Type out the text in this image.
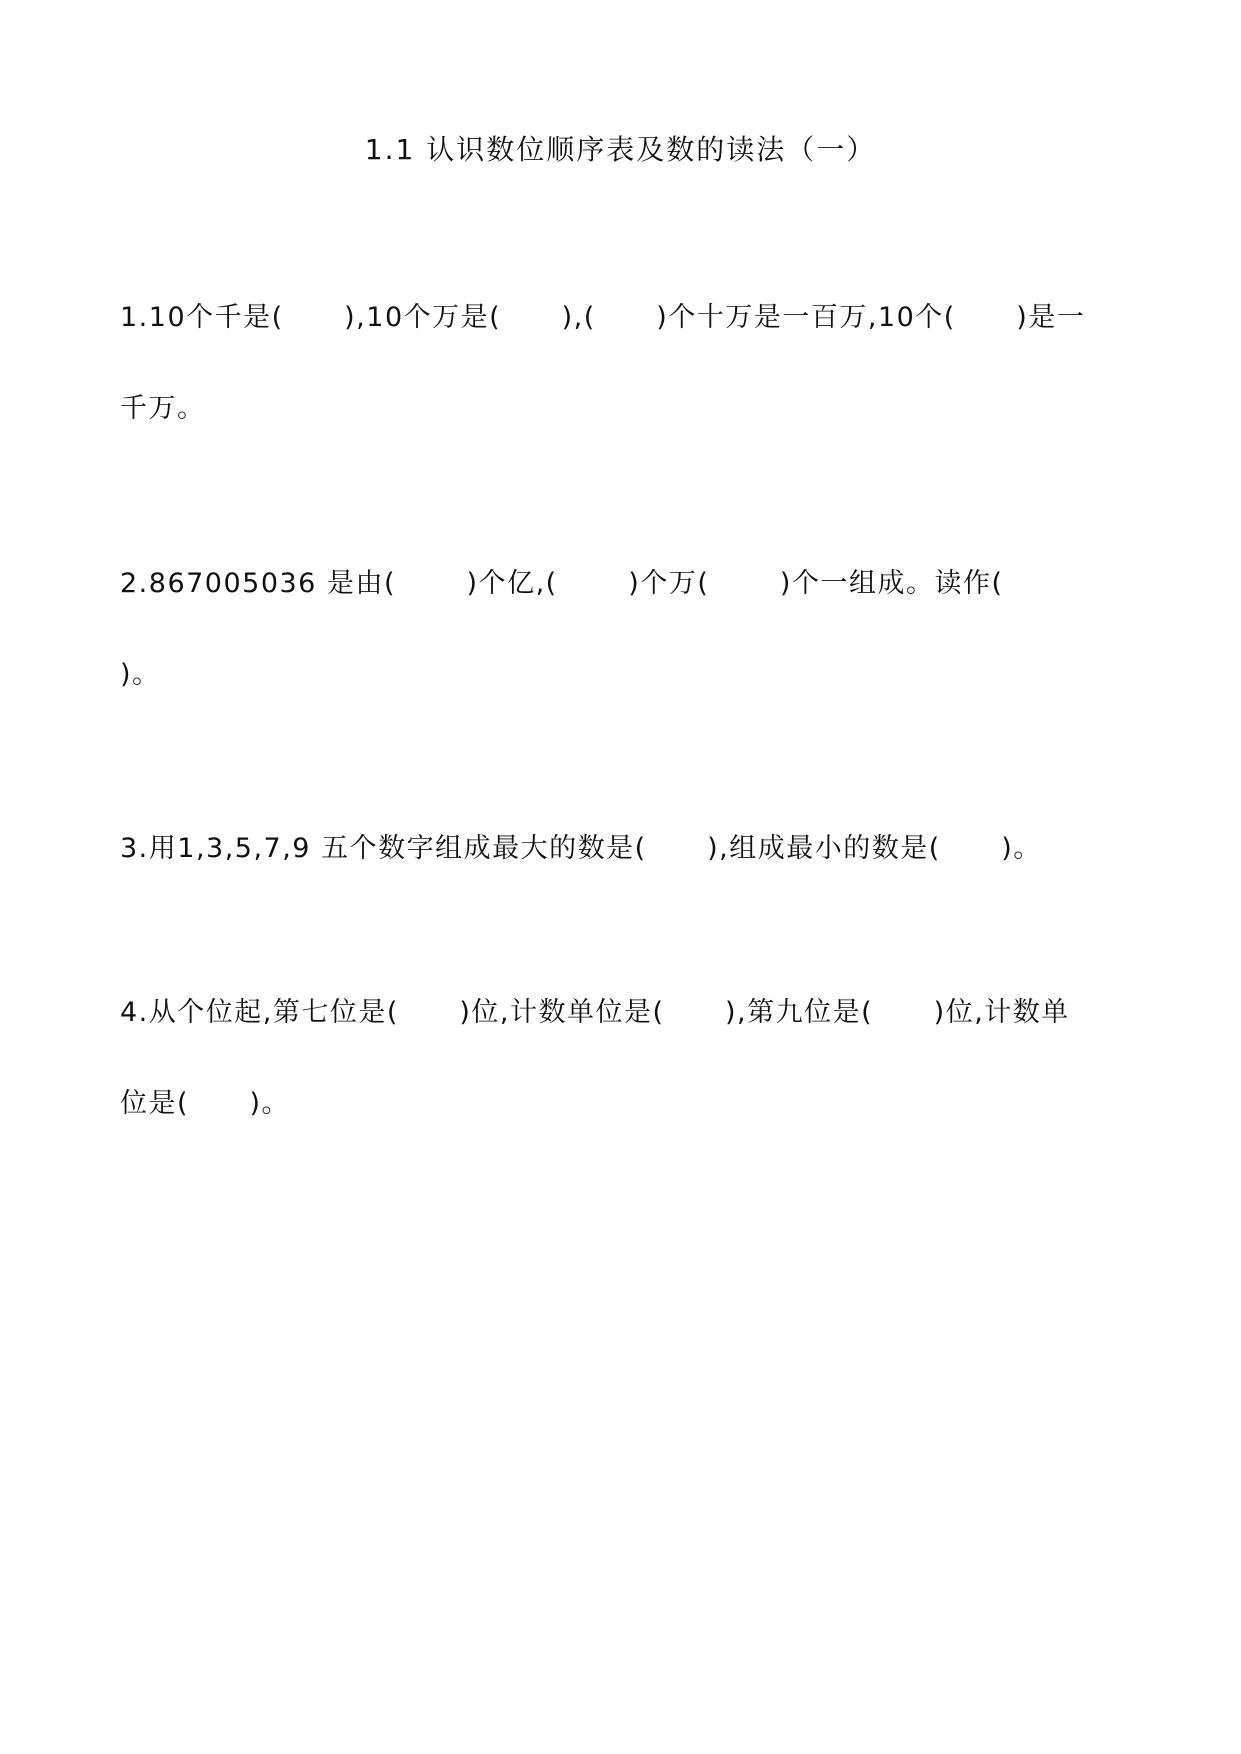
1.1 认识数位顺序表及数的读法（一）
1.10个千是(      ),10个万是(      ),(      )个十万是一百万,10个(      )是一
千万。
2.867005036 是由(       )个亿,(       )个万(       )个一组成。读作(
)。
3.用1,3,5,7,9 五个数字组成最大的数是(      ),组成最小的数是(      )。
4.从个位起,第七位是(      )位,计数单位是(      ),第九位是(      )位,计数单
位是(      )。
